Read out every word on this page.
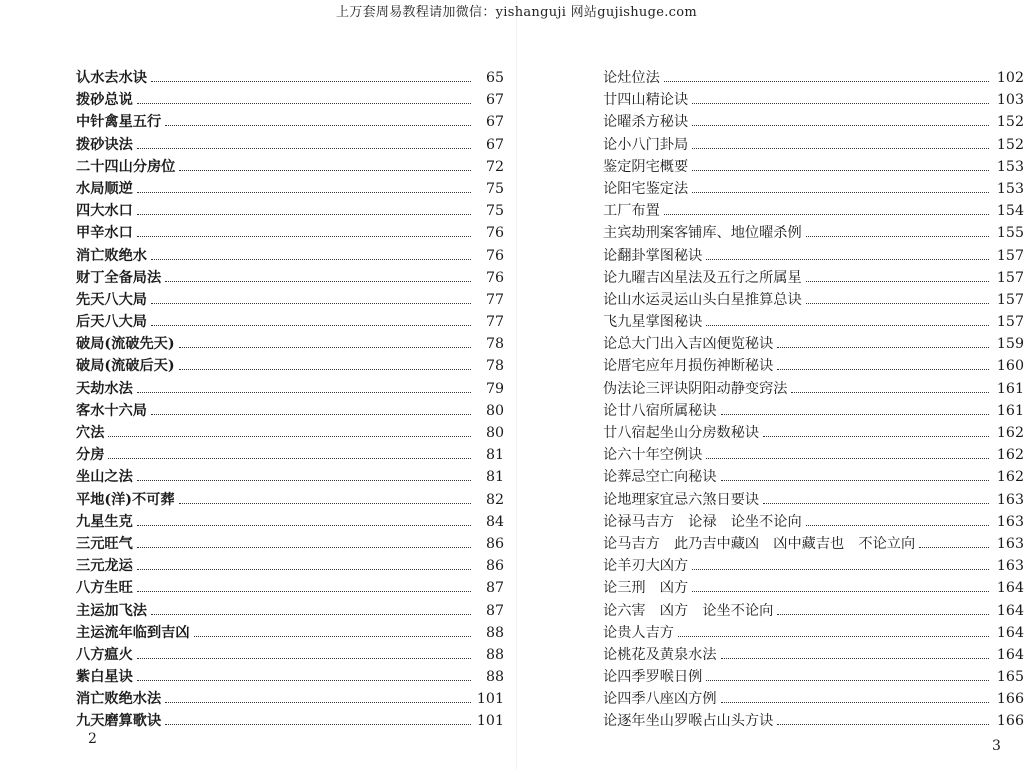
上万套周易教程请加微信：yishanguji 网站gujishuge.com
认水去水诀	65
拨砂总说	67
中针禽星五行	67
拨砂诀法	67
二十四山分房位	72
水局顺逆	75
四大水口	75
甲辛水口	76
消亡败绝水	76
财丁全备局法	76
先天八大局	77
后天八大局	77
破局(流破先天)	78
破局(流破后天)	78
天劫水法	79
客水十六局	80
穴法	80
分房	81
坐山之法	81
平地(洋)不可葬	82
九星生克	84
三元旺气	86
三元龙运	86
八方生旺	87
主运加飞法	87
主运流年临到吉凶	88
八方瘟火	88
紫白星诀	88
消亡败绝水法	101
九天磨算歌诀	101
论灶位法	102
廿四山精论诀	103
论曜杀方秘诀	152
论小八门卦局	152
鉴定阴宅概要	153
论阳宅鉴定法	153
工厂布置	154
主宾劫刑案客铺库、地位曜杀例	155
论翻卦掌图秘诀	157
论九曜吉凶星法及五行之所属星	157
论山水运灵运山头白星推算总诀	157
飞九星掌图秘诀	157
论总大门出入吉凶便览秘诀	159
论厝宅应年月损伤神断秘诀	160
伪法论三评诀阴阳动静变窍法	161
论廿八宿所属秘诀	161
廿八宿起坐山分房数秘诀	162
论六十年空例诀	162
论葬忌空亡向秘诀	162
论地理家宜忌六煞日要诀	163
论禄马吉方　论禄　论坐不论向	163
论马吉方　此乃吉中藏凶　凶中藏吉也　不论立向	163
论羊刃大凶方	163
论三刑　凶方	164
论六害　凶方　论坐不论向	164
论贵人吉方	164
论桃花及黄泉水法	164
论四季罗喉日例	165
论四季八座凶方例	166
论逐年坐山罗喉占山头方诀	166
2	3
